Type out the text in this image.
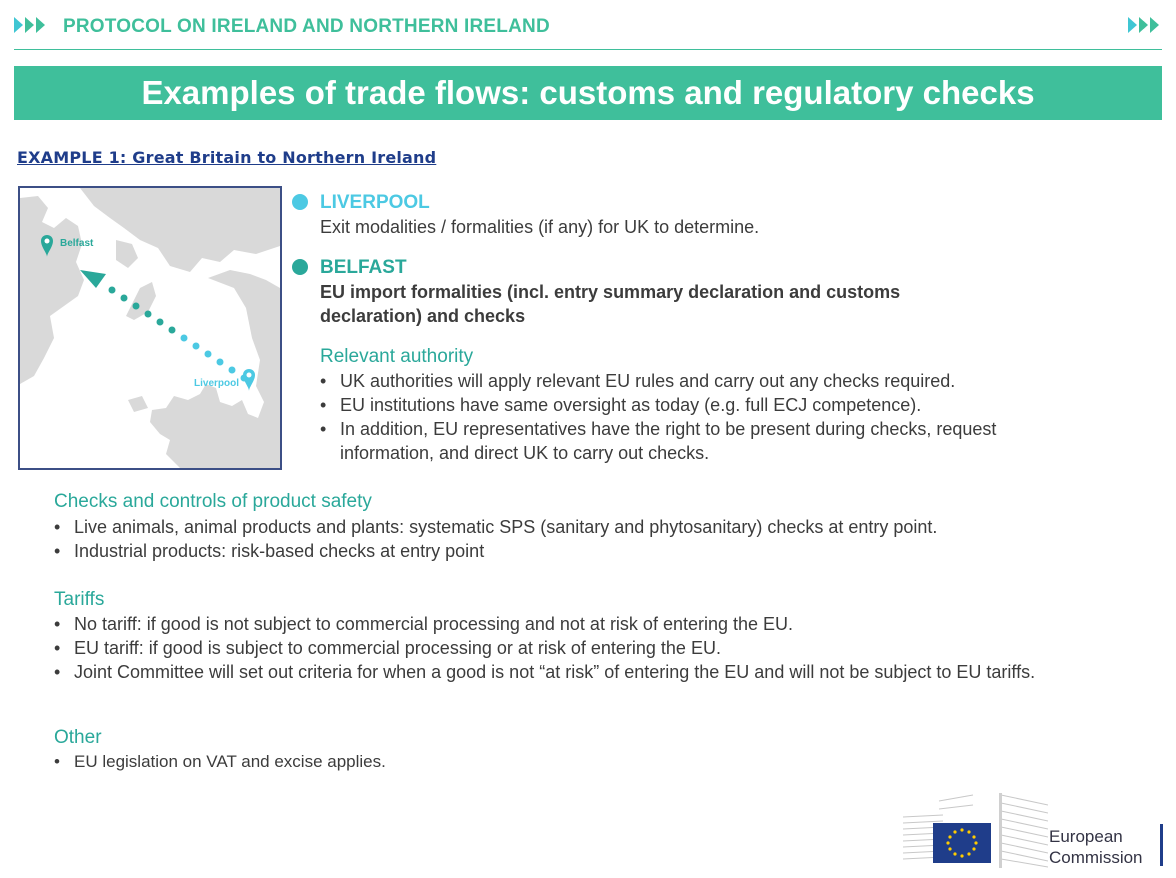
PROTOCOL ON IRELAND AND NORTHERN IRELAND
Examples of trade flows: customs and regulatory checks
EXAMPLE 1: Great Britain to Northern Ireland
Belfast
Liverpool
LIVERPOOL
Exit modalities / formalities (if any) for UK to determine.
BELFAST
EU import formalities (incl. entry summary declaration and customs
declaration) and checks
Relevant authority
• UK authorities will apply relevant EU rules and carry out any checks required.
• EU institutions have same oversight as today (e.g. full ECJ competence).
• In addition, EU representatives have the right to be present during checks, request information, and direct UK to carry out checks.
Checks and controls of product safety
• Live animals, animal products and plants: systematic SPS (sanitary and phytosanitary) checks at entry point.
• Industrial products: risk-based checks at entry point
Tariffs
• No tariff: if good is not subject to commercial processing and not at risk of entering the EU.
• EU tariff: if good is subject to commercial processing or at risk of entering the EU.
• Joint Committee will set out criteria for when a good is not “at risk” of entering the EU and will not be subject to EU tariffs.
Other
• EU legislation on VAT and excise applies.
European
Commission
